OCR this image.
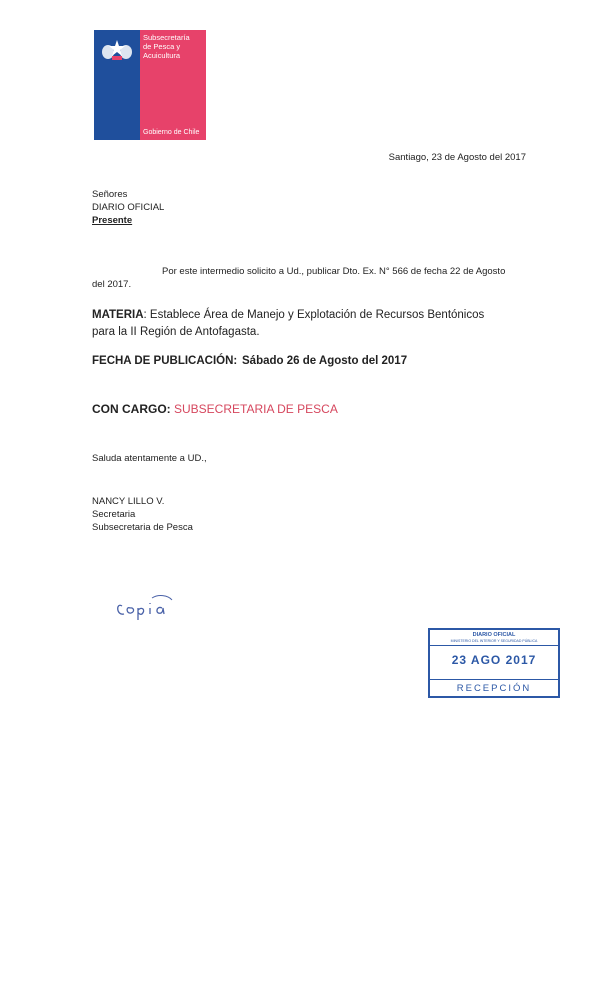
Subsecretaría
de Pesca y
Acuicultura
Gobierno de Chile
Santiago, 23 de Agosto del 2017
Señores
DIARIO OFICIAL
Presente
Por este intermedio solicito a Ud., publicar Dto. Ex. N° 566 de fecha 22 de Agosto
del 2017.
MATERIA: Establece Área de Manejo y Explotación de Recursos Bentónicos
para la II Región de Antofagasta.
FECHA DE PUBLICACIÓN: Sábado 26 de Agosto del 2017
CON CARGO: SUBSECRETARIA DE PESCA
Saluda atentamente a UD.,
NANCY LILLO V.
Secretaria
Subsecretaria de Pesca
DIARIO OFICIAL
MINISTERIO DEL INTERIOR Y SEGURIDAD PÚBLICA
23 AGO 2017
RECEPCIÓN
